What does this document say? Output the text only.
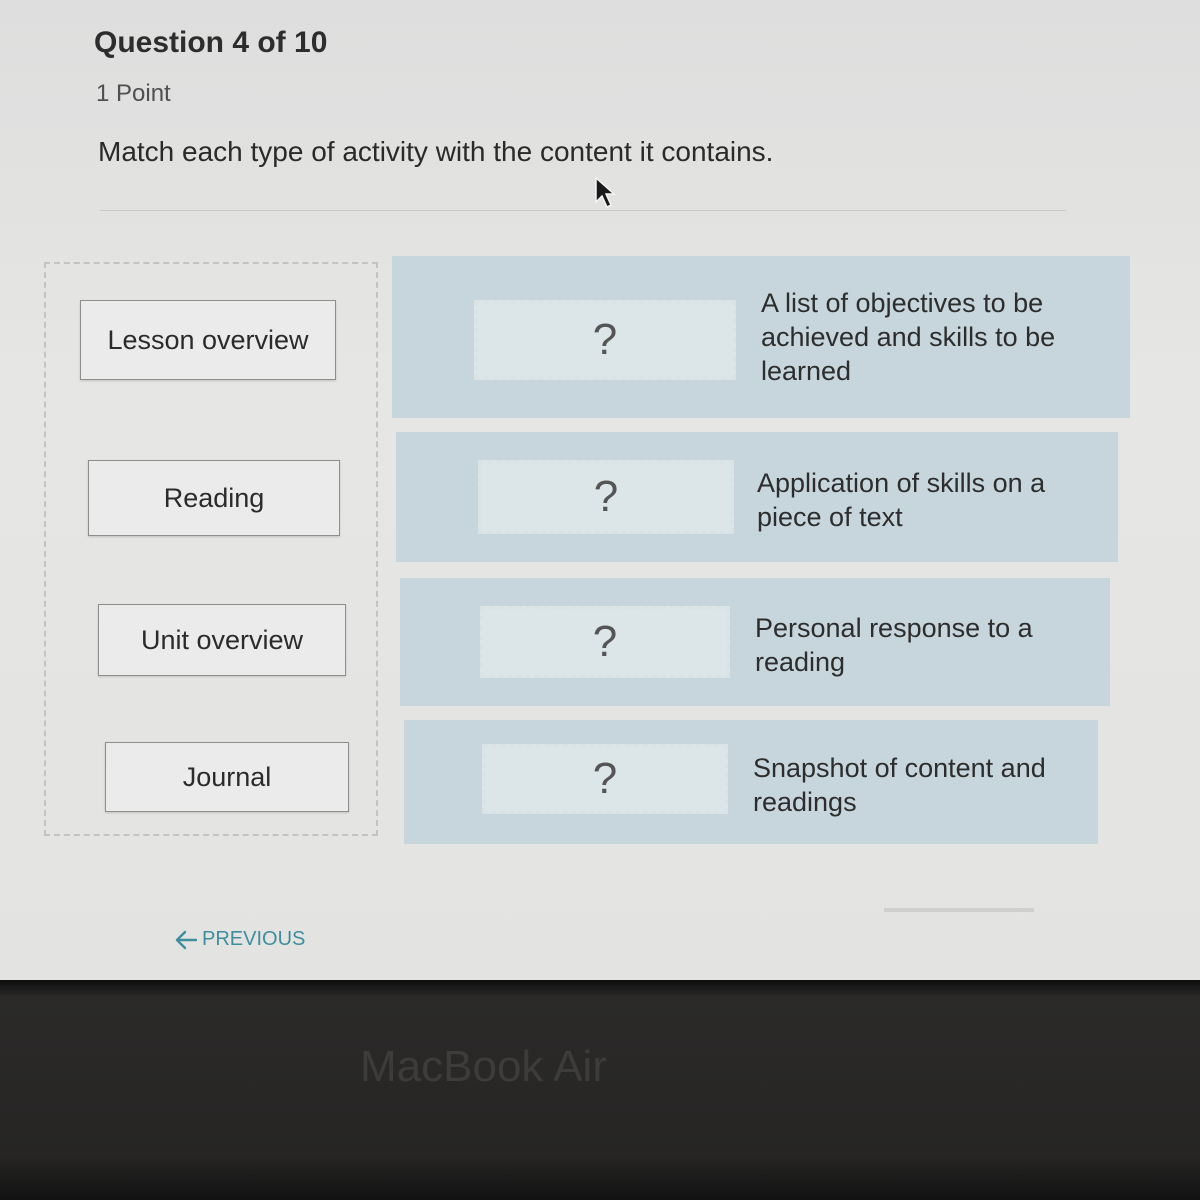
Question 4 of 10
1 Point
Match each type of activity with the content it contains.
Lesson overview
Reading
Unit overview
Journal
?
A list of objectives to be achieved and skills to be learned
?	Application of skills on a piece of text
?	Personal response to a reading
?	Snapshot of content and readings
PREVIOUS
MacBook Air
